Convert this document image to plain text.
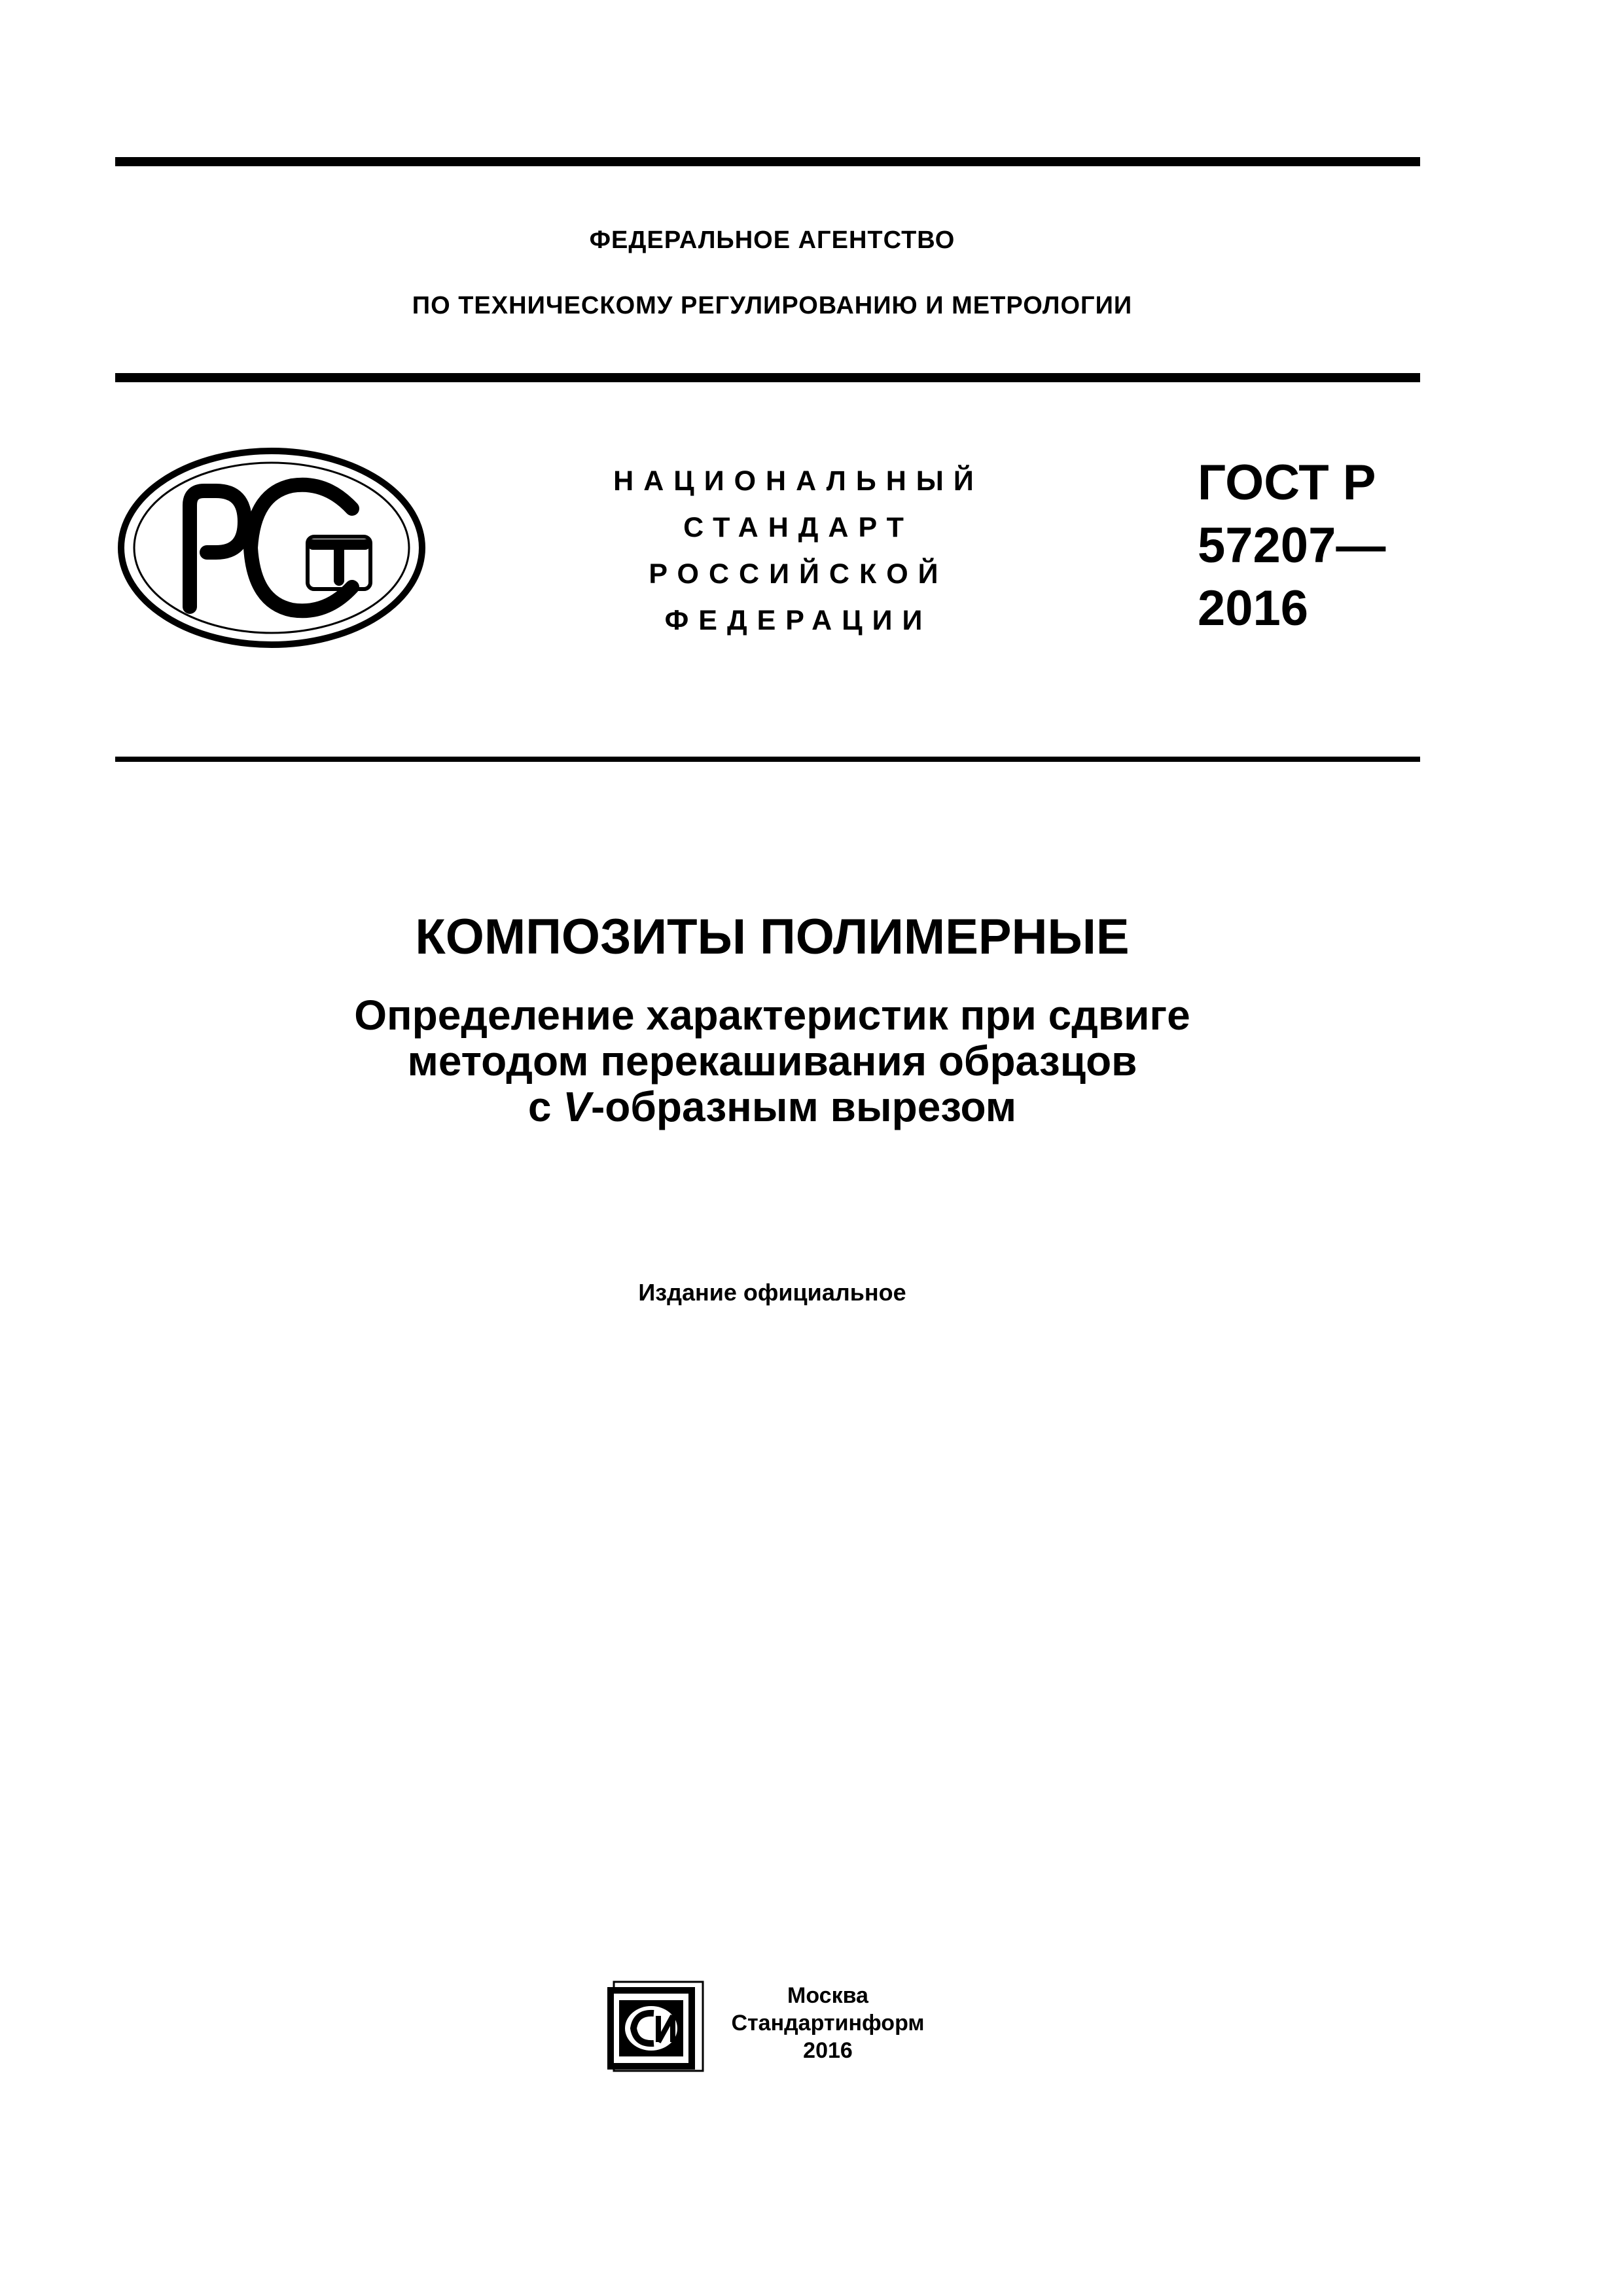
ФЕДЕРАЛЬНОЕ АГЕНТСТВО
ПО ТЕХНИЧЕСКОМУ РЕГУЛИРОВАНИЮ И МЕТРОЛОГИИ
НАЦИОНАЛЬНЫЙ
СТАНДАРТ
РОССИЙСКОЙ
ФЕДЕРАЦИИ
ГОСТ Р
57207—
2016
КОМПОЗИТЫ ПОЛИМЕРНЫЕ
Определение характеристик при сдвиге
методом перекашивания образцов
с V-образным вырезом
Издание официальное
Москва
Стандартинформ
2016
